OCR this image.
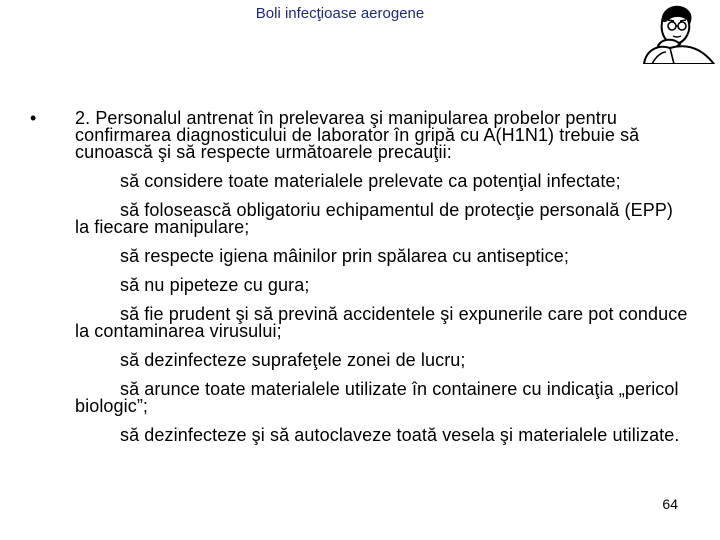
Boli infecţioase aerogene
•	2. Personalul antrenat în prelevarea şi manipularea probelor pentru confirmarea diagnosticului de laborator în gripă cu A(H1N1) trebuie să cunoască şi să respecte următoarele precauţii:
să considere toate materialele prelevate ca potenţial infectate;
să folosească obligatoriu echipamentul de protecţie personală (EPP) la fiecare manipulare;
să respecte igiena mâinilor prin spălarea cu antiseptice;
să nu pipeteze cu gura;
să fie prudent şi să prevină accidentele şi expunerile care pot conduce la contaminarea virusului;
să dezinfecteze suprafeţele zonei de lucru;
să arunce toate materialele utilizate în containere cu indicaţia „pericol biologic”;
să dezinfecteze şi să autoclaveze toată vesela şi materialele utilizate.
64
